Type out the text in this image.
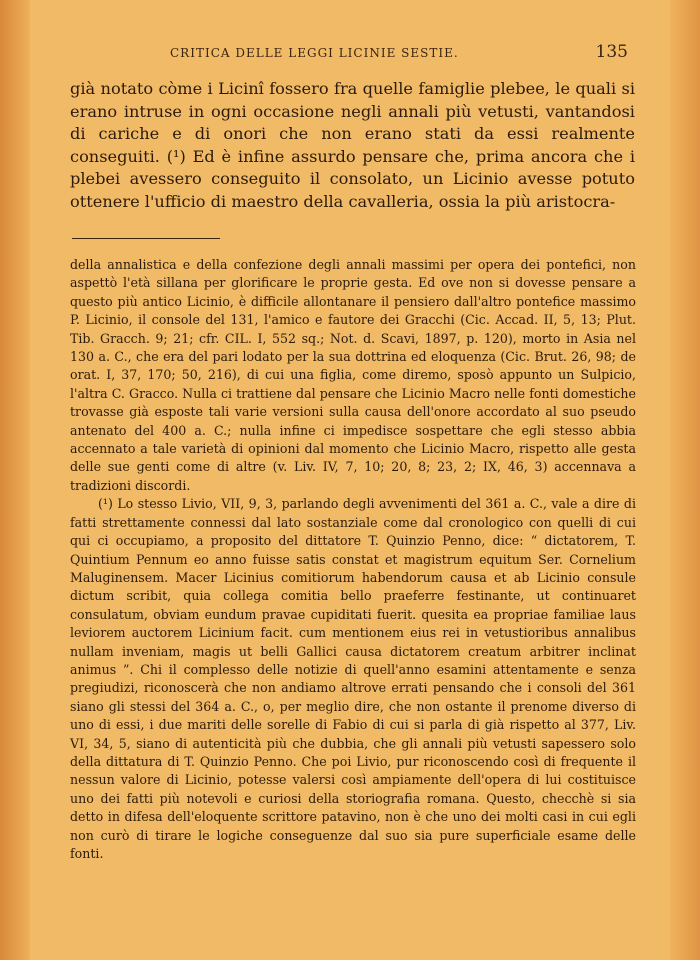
CRITICA DELLE LEGGI LICINIE SESTIE.	135

già notato còme i Licinî fossero fra quelle famiglie plebee, le quali si erano intruse in ogni occasione negli annali più vetusti, vantandosi di cariche e di onori che non erano stati da essi realmente conseguiti. (¹) Ed è infine assurdo pensare che, prima ancora che i plebei avessero conseguito il consolato, un Licinio avesse potuto ottenere l'ufficio di maestro della cavalleria, ossia la più aristocra-

della annalistica e della confezione degli annali massimi per opera dei pontefici, non aspettò l'età sillana per glorificare le proprie gesta. Ed ove non si dovesse pensare a questo più antico Licinio, è difficile allontanare il pensiero dall'altro pontefice massimo P. Licinio, il console del 131, l'amico e fautore dei Gracchi (Cic. Accad. II, 5, 13; Plut. Tib. Gracch. 9; 21; cfr. CIL. I, 552 sq.; Not. d. Scavi, 1897, p. 120), morto in Asia nel 130 a. C., che era del pari lodato per la sua dottrina ed eloquenza (Cic. Brut. 26, 98; de orat. I, 37, 170; 50, 216), di cui una figlia, come diremo, sposò appunto un Sulpicio, l'altra C. Gracco. Nulla ci trattiene dal pensare che Licinio Macro nelle fonti domestiche trovasse già esposte tali varie versioni sulla causa dell'onore accordato al suo pseudo antenato del 400 a. C.; nulla infine ci impedisce sospettare che egli stesso abbia accennato a tale varietà di opinioni dal momento che Licinio Macro, rispetto alle gesta delle sue genti come di altre (v. Liv. IV, 7, 10; 20, 8; 23, 2; IX, 46, 3) accennava a tradizioni discordi.

(¹) Lo stesso Livio, VII, 9, 3, parlando degli avvenimenti del 361 a. C., vale a dire di fatti strettamente connessi dal lato sostanziale come dal cronologico con quelli di cui qui ci occupiamo, a proposito del dittatore T. Quinzio Penno, dice: “ dictatorem, T. Quintium Pennum eo anno fuisse satis constat et magistrum equitum Ser. Cornelium Maluginensem. Macer Licinius comitiorum habendorum causa et ab Licinio consule dictum scribit, quia collega comitia bello praeferre festinante, ut continuaret consulatum, obviam eundum pravae cupiditati fuerit. quesita ea propriae familiae laus leviorem auctorem Licinium facit. cum mentionem eius rei in vetustioribus annalibus nullam inveniam, magis ut belli Gallici causa dictatorem creatum arbitrer inclinat animus ”. Chi il complesso delle notizie di quell'anno esamini attentamente e senza pregiudizi, riconoscerà che non andiamo altrove errati pensando che i consoli del 361 siano gli stessi del 364 a. C., o, per meglio dire, che non ostante il prenome diverso di uno di essi, i due mariti delle sorelle di Fabio di cui si parla di già rispetto al 377, Liv. VI, 34, 5, siano di autenticità più che dubbia, che gli annali più vetusti sapessero solo della dittatura di T. Quinzio Penno. Che poi Livio, pur riconoscendo così di frequente il nessun valore di Licinio, potesse valersi così ampiamente dell'opera di lui costituisce uno dei fatti più notevoli e curiosi della storiografia romana. Questo, checchè si sia detto in difesa dell'eloquente scrittore patavino, non è che uno dei molti casi in cui egli non curò di tirare le logiche conseguenze dal suo sia pure superficiale esame delle fonti.
